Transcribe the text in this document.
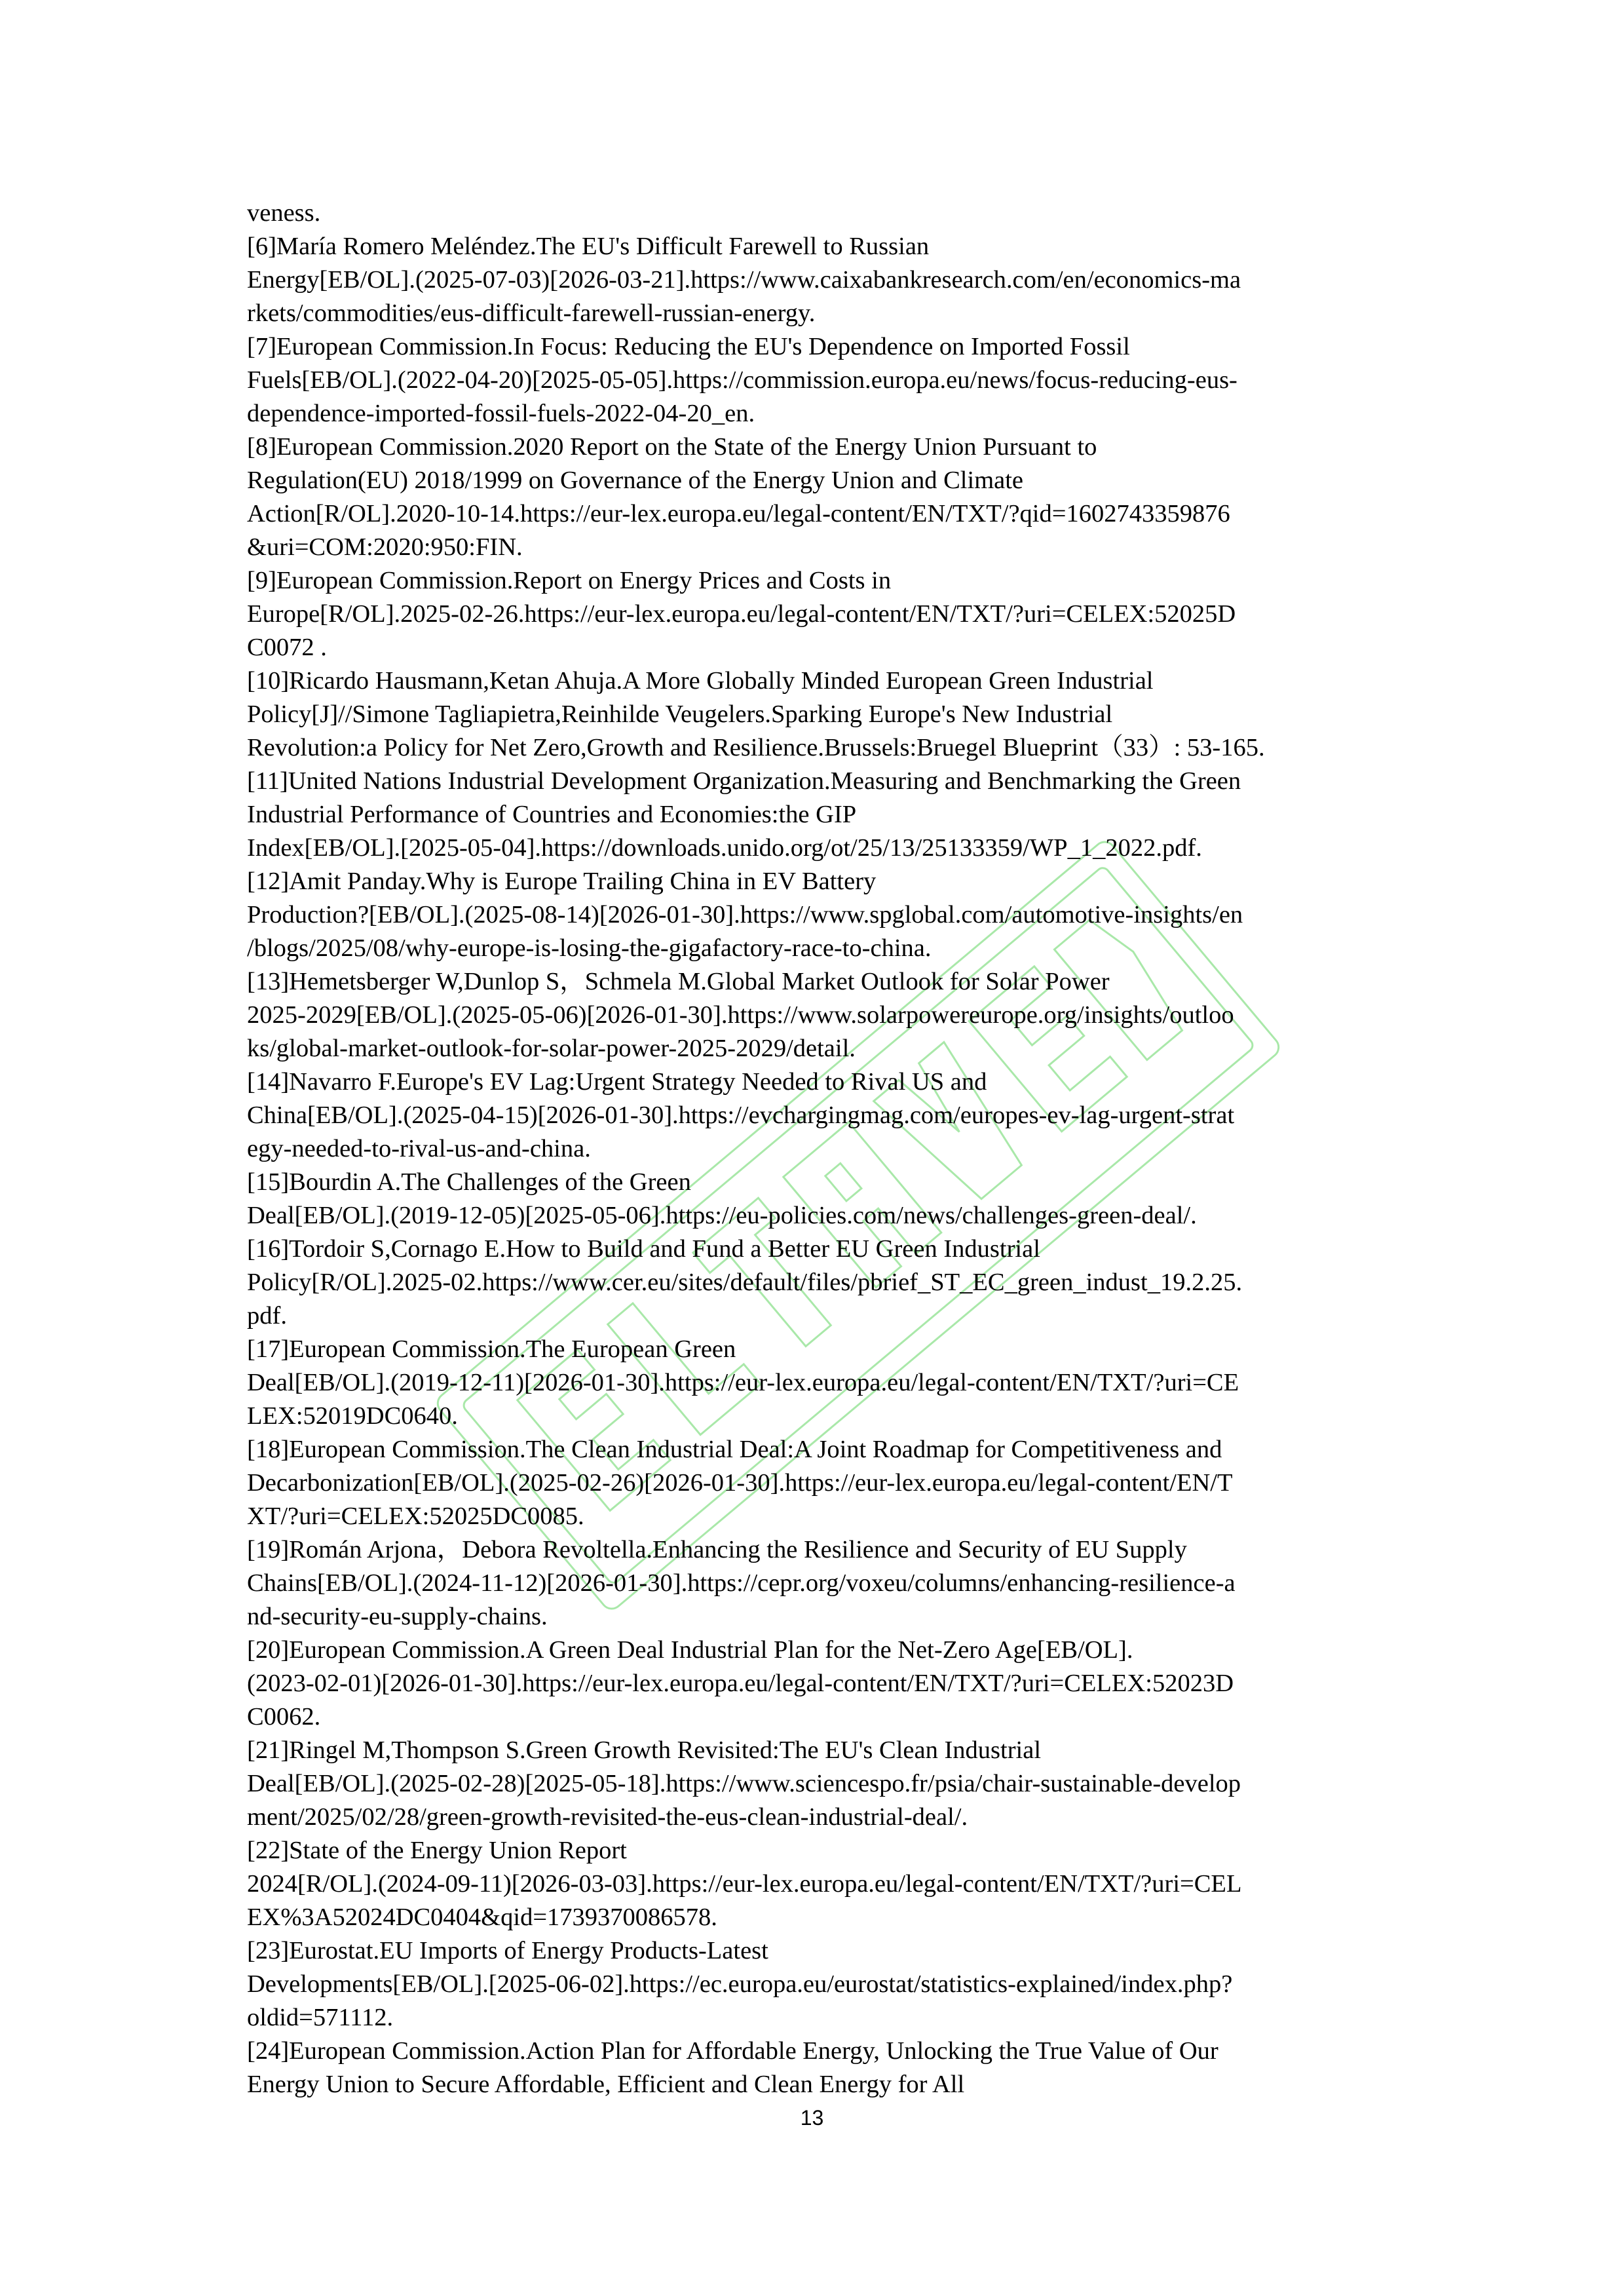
veness.
[6]María Romero Meléndez.The EU's Difficult Farewell to Russian
Energy[EB/OL].(2025-07-03)[2026-03-21].https://www.caixabankresearch.com/en/economics-ma
rkets/commodities/eus-difficult-farewell-russian-energy.
[7]European Commission.In Focus: Reducing the EU's Dependence on Imported Fossil
Fuels[EB/OL].(2022-04-20)[2025-05-05].https://commission.europa.eu/news/focus-reducing-eus-
dependence-imported-fossil-fuels-2022-04-20_en.
[8]European Commission.2020 Report on the State of the Energy Union Pursuant to
Regulation(EU) 2018/1999 on Governance of the Energy Union and Climate
Action[R/OL].2020-10-14.https://eur-lex.europa.eu/legal-content/EN/TXT/?qid=1602743359876
&uri=COM:2020:950:FIN.
[9]European Commission.Report on Energy Prices and Costs in
Europe[R/OL].2025-02-26.https://eur-lex.europa.eu/legal-content/EN/TXT/?uri=CELEX:52025D
C0072 .
[10]Ricardo Hausmann,Ketan Ahuja.A More Globally Minded European Green Industrial
Policy[J]//Simone Tagliapietra,Reinhilde Veugelers.Sparking Europe's New Industrial
Revolution:a Policy for Net Zero,Growth and Resilience.Brussels:Bruegel Blueprint（33）: 53-165.
[11]United Nations Industrial Development Organization.Measuring and Benchmarking the Green
Industrial Performance of Countries and Economies:the GIP
Index[EB/OL].[2025-05-04].https://downloads.unido.org/ot/25/13/25133359/WP_1_2022.pdf.
[12]Amit Panday.Why is Europe Trailing China in EV Battery
Production?[EB/OL].(2025-08-14)[2026-01-30].https://www.spglobal.com/automotive-insights/en
/blogs/2025/08/why-europe-is-losing-the-gigafactory-race-to-china.
[13]Hemetsberger W,Dunlop S，Schmela M.Global Market Outlook for Solar Power
2025-2029[EB/OL].(2025-05-06)[2026-01-30].https://www.solarpowereurope.org/insights/outloo
ks/global-market-outlook-for-solar-power-2025-2029/detail.
[14]Navarro F.Europe's EV Lag:Urgent Strategy Needed to Rival US and
China[EB/OL].(2025-04-15)[2026-01-30].https://evchargingmag.com/europes-ev-lag-urgent-strat
egy-needed-to-rival-us-and-china.
[15]Bourdin A.The Challenges of the Green
Deal[EB/OL].(2019-12-05)[2025-05-06].https://eu-policies.com/news/challenges-green-deal/.
[16]Tordoir S,Cornago E.How to Build and Fund a Better EU Green Industrial
Policy[R/OL].2025-02.https://www.cer.eu/sites/default/files/pbrief_ST_EC_green_indust_19.2.25.
pdf.
[17]European Commission.The European Green
Deal[EB/OL].(2019-12-11)[2026-01-30].https://eur-lex.europa.eu/legal-content/EN/TXT/?uri=CE
LEX:52019DC0640.
[18]European Commission.The Clean Industrial Deal:A Joint Roadmap for Competitiveness and
Decarbonization[EB/OL].(2025-02-26)[2026-01-30].https://eur-lex.europa.eu/legal-content/EN/T
XT/?uri=CELEX:52025DC0085.
[19]Román Arjona，Debora Revoltella.Enhancing the Resilience and Security of EU Supply
Chains[EB/OL].(2024-11-12)[2026-01-30].https://cepr.org/voxeu/columns/enhancing-resilience-a
nd-security-eu-supply-chains.
[20]European Commission.A Green Deal Industrial Plan for the Net-Zero Age[EB/OL].
(2023-02-01)[2026-01-30].https://eur-lex.europa.eu/legal-content/EN/TXT/?uri=CELEX:52023D
C0062.
[21]Ringel M,Thompson S.Green Growth Revisited:The EU's Clean Industrial
Deal[EB/OL].(2025-02-28)[2025-05-18].https://www.sciencespo.fr/psia/chair-sustainable-develop
ment/2025/02/28/green-growth-revisited-the-eus-clean-industrial-deal/.
[22]State of the Energy Union Report
2024[R/OL].(2024-09-11)[2026-03-03].https://eur-lex.europa.eu/legal-content/EN/TXT/?uri=CEL
EX%3A52024DC0404&qid=1739370086578.
[23]Eurostat.EU Imports of Energy Products-Latest
Developments[EB/OL].[2025-06-02].https://ec.europa.eu/eurostat/statistics-explained/index.php?
oldid=571112.
[24]European Commission.Action Plan for Affordable Energy, Unlocking the True Value of Our
Energy Union to Secure Affordable, Efficient and Clean Energy for All
13
